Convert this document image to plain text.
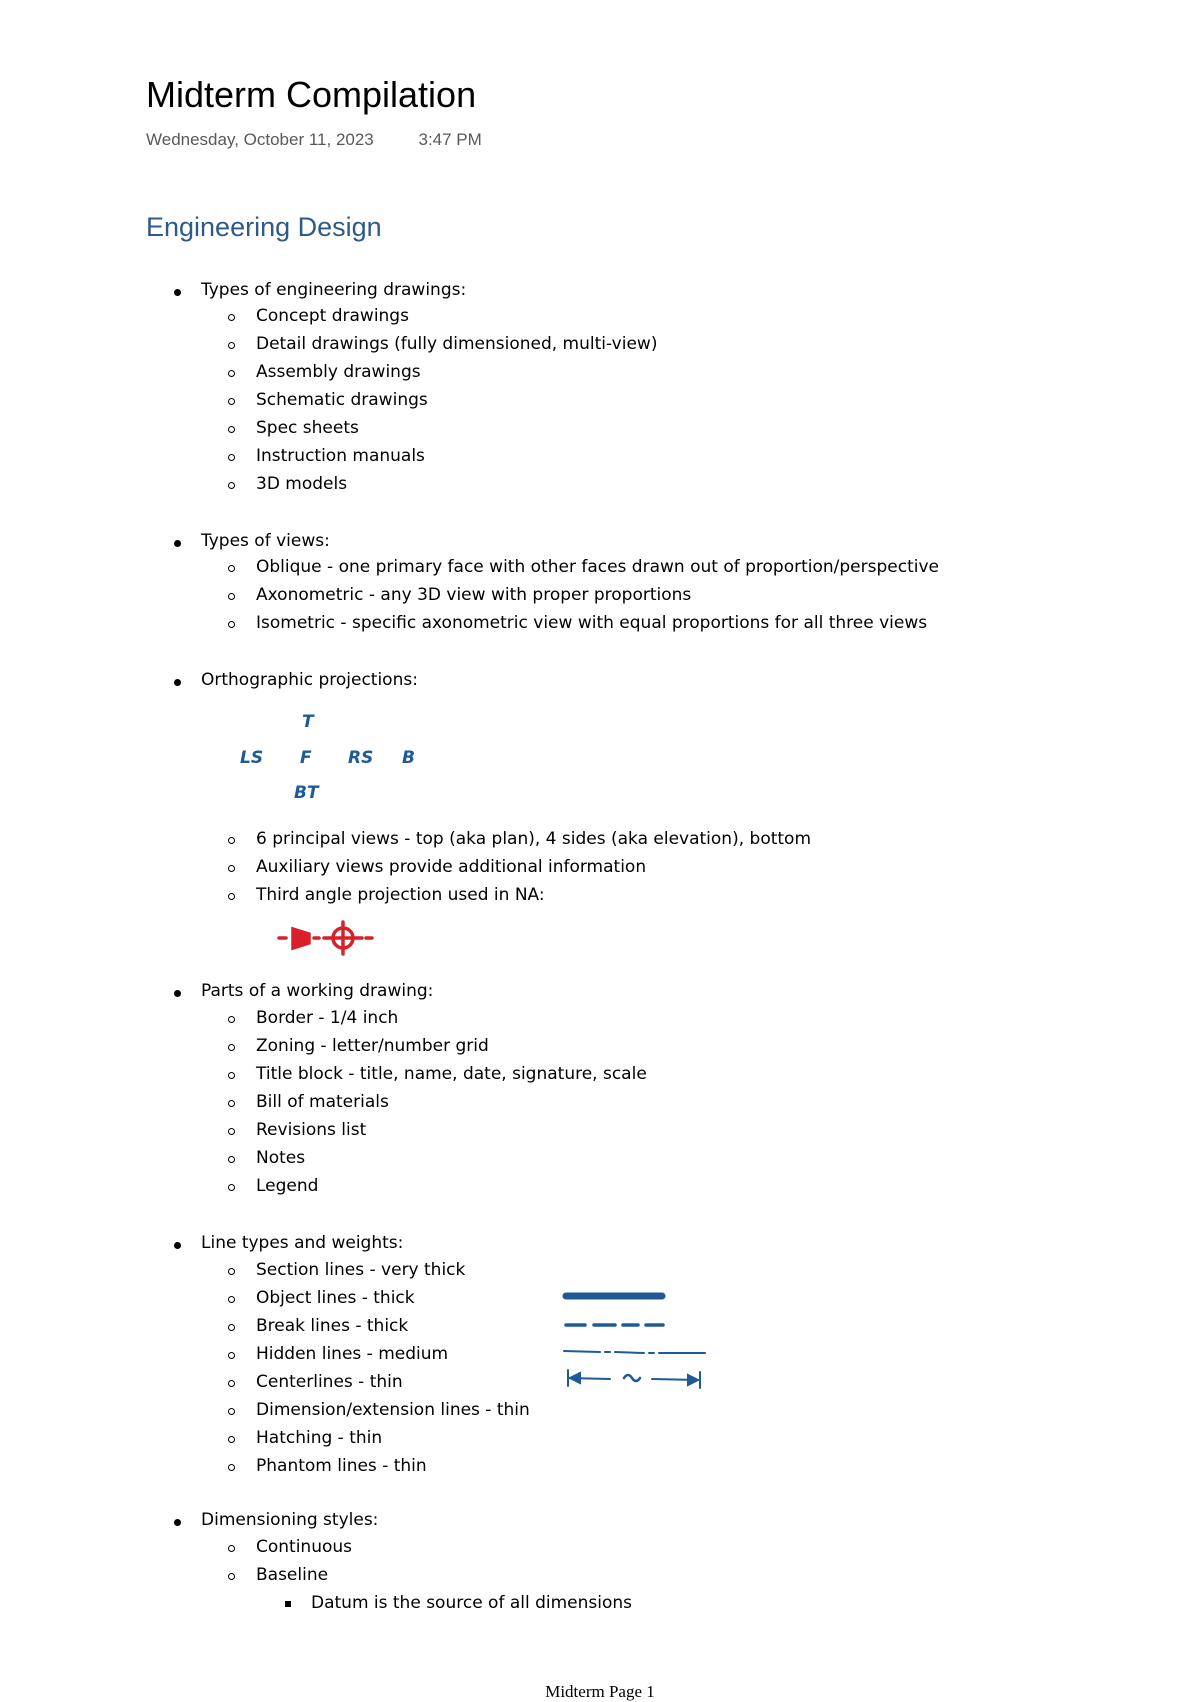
Midterm Compilation
Wednesday, October 11, 2023	3:47 PM
Engineering Design
Types of engineering drawings:
Concept drawings
Detail drawings (fully dimensioned, multi-view)
Assembly drawings
Schematic drawings
Spec sheets
Instruction manuals
3D models
Types of views:
Oblique - one primary face with other faces drawn out of proportion/perspective
Axonometric - any 3D view with proper proportions
Isometric - specific axonometric view with equal proportions for all three views
Orthographic projections:
T
LS F RS B
BT
6 principal views - top (aka plan), 4 sides (aka elevation), bottom
Auxiliary views provide additional information
Third angle projection used in NA:
Parts of a working drawing:
Border - 1/4 inch
Zoning - letter/number grid
Title block - title, name, date, signature, scale
Bill of materials
Revisions list
Notes
Legend
Line types and weights:
Section lines - very thick
Object lines - thick
Break lines - thick
Hidden lines - medium
Centerlines - thin
Dimension/extension lines - thin
Hatching - thin
Phantom lines - thin
Dimensioning styles:
Continuous
Baseline
Datum is the source of all dimensions
Midterm Page 1
